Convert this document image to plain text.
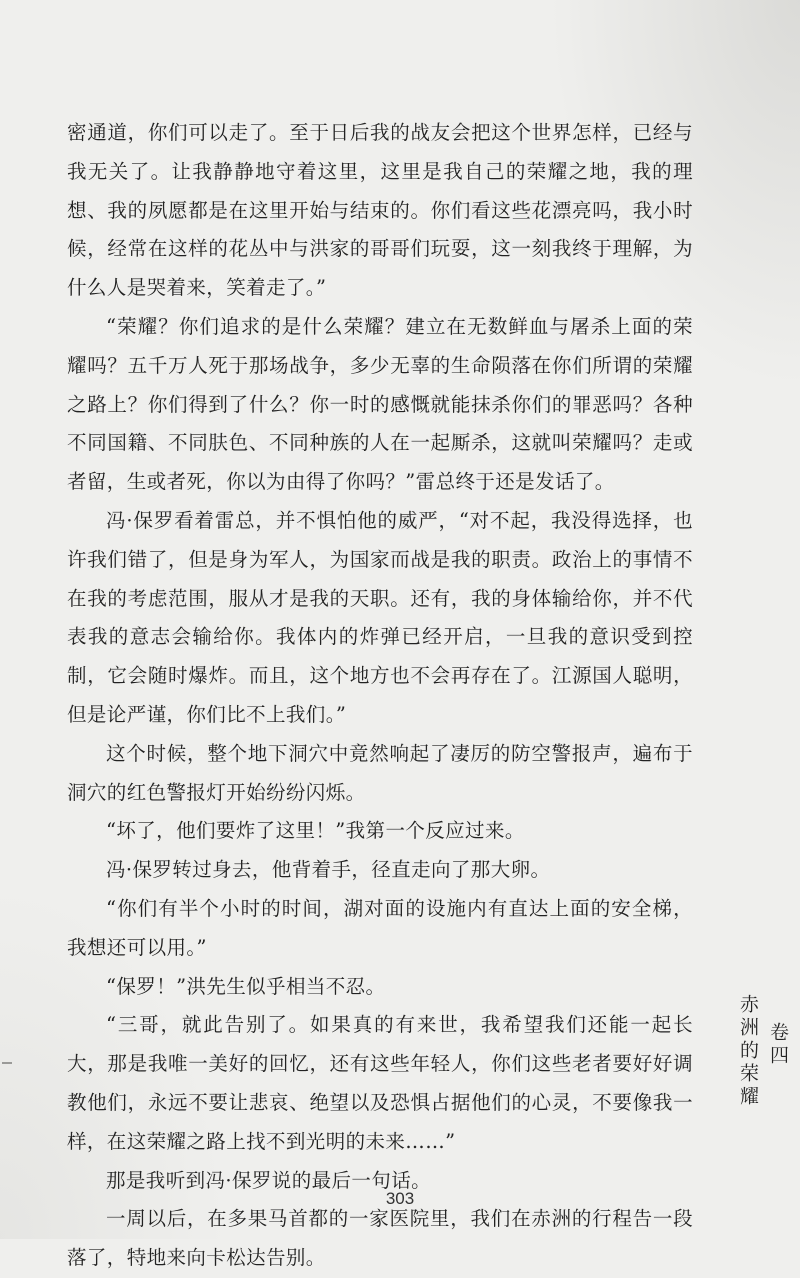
密通道，你们可以走了。至于日后我的战友会把这个世界怎样，已经与我无关了。让我静静地守着这里，这里是我自己的荣耀之地，我的理想、我的夙愿都是在这里开始与结束的。你们看这些花漂亮吗，我小时候，经常在这样的花丛中与洪家的哥哥们玩耍，这一刻我终于理解，为什么人是哭着来，笑着走了。”

“荣耀？你们追求的是什么荣耀？建立在无数鲜血与屠杀上面的荣耀吗？五千万人死于那场战争，多少无辜的生命陨落在你们所谓的荣耀之路上？你们得到了什么？你一时的感慨就能抹杀你们的罪恶吗？各种不同国籍、不同肤色、不同种族的人在一起厮杀，这就叫荣耀吗？走或者留，生或者死，你以为由得了你吗？”雷总终于还是发话了。

冯·保罗看着雷总，并不惧怕他的威严，“对不起，我没得选择，也许我们错了，但是身为军人，为国家而战是我的职责。政治上的事情不在我的考虑范围，服从才是我的天职。还有，我的身体输给你，并不代表我的意志会输给你。我体内的炸弹已经开启，一旦我的意识受到控制，它会随时爆炸。而且，这个地方也不会再存在了。江源国人聪明，但是论严谨，你们比不上我们。”

这个时候，整个地下洞穴中竟然响起了凄厉的防空警报声，遍布于洞穴的红色警报灯开始纷纷闪烁。

“坏了，他们要炸了这里！”我第一个反应过来。

冯·保罗转过身去，他背着手，径直走向了那大卵。

“你们有半个小时的时间，湖对面的设施内有直达上面的安全梯，我想还可以用。”

“保罗！”洪先生似乎相当不忍。

“三哥，就此告别了。如果真的有来世，我希望我们还能一起长大，那是我唯一美好的回忆，还有这些年轻人，你们这些老者要好好调教他们，永远不要让悲哀、绝望以及恐惧占据他们的心灵，不要像我一样，在这荣耀之路上找不到光明的未来……”

那是我听到冯·保罗说的最后一句话。

一周以后，在多果马首都的一家医院里，我们在赤洲的行程告一段落了，特地来向卡松达告别。

卷四
赤洲的荣耀
303
